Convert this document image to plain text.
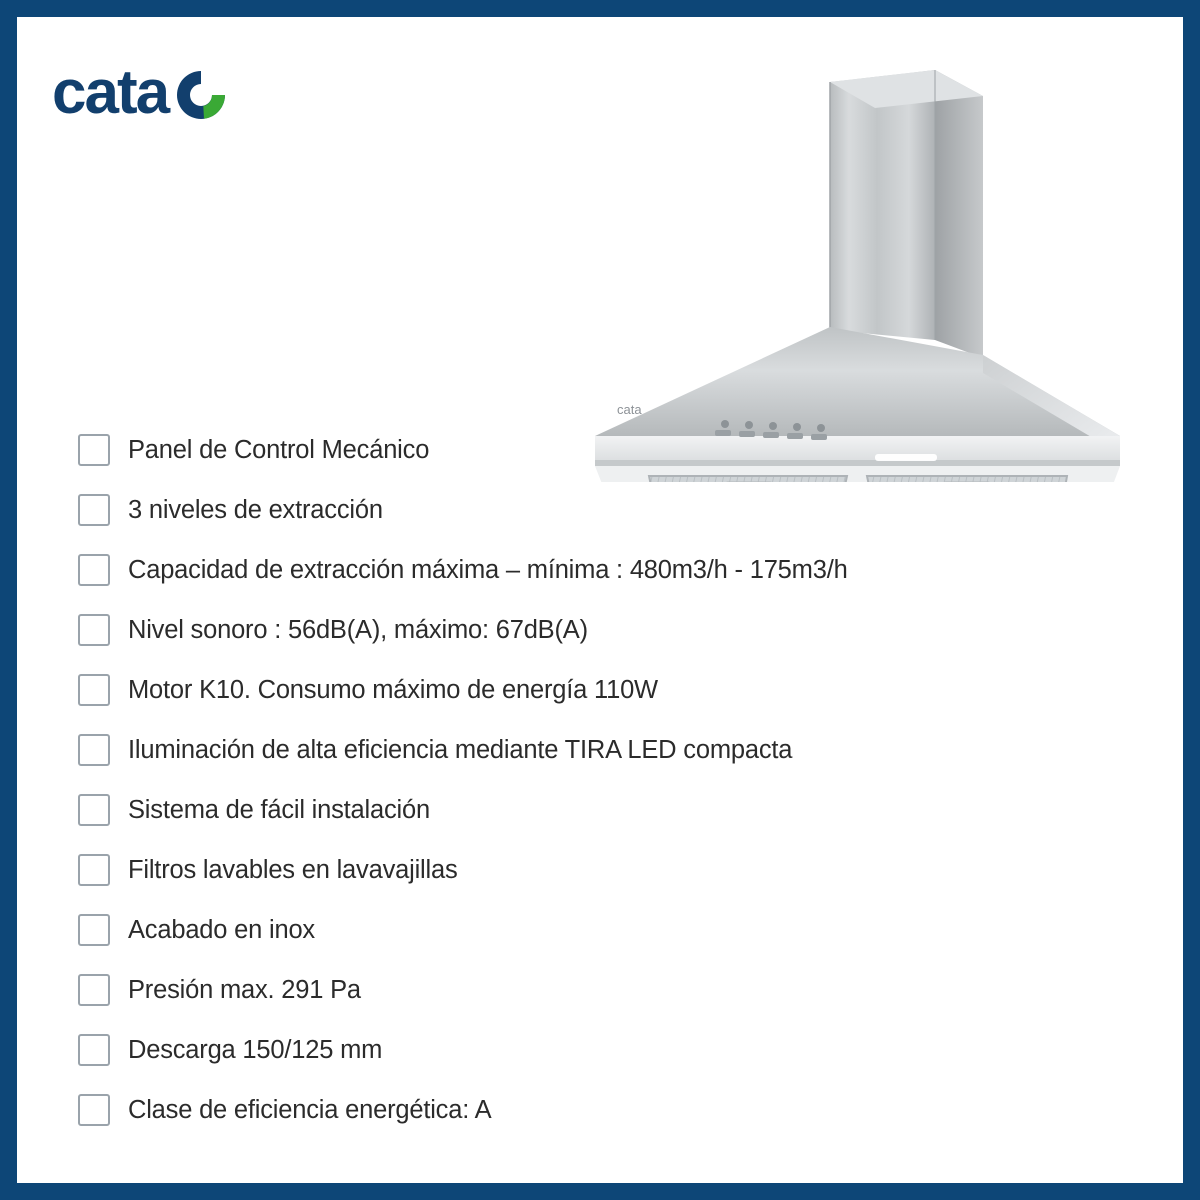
cata
cata
Panel de Control Mecánico
3 niveles de extracción
Capacidad de extracción máxima – mínima : 480m3/h - 175m3/h
Nivel sonoro : 56dB(A), máximo: 67dB(A)
Motor K10. Consumo máximo de energía 110W
Iluminación de alta eficiencia mediante TIRA LED compacta
Sistema de fácil instalación
Filtros lavables en lavavajillas
Acabado en inox
Presión max. 291 Pa
Descarga 150/125 mm
Clase de eficiencia energética: A
